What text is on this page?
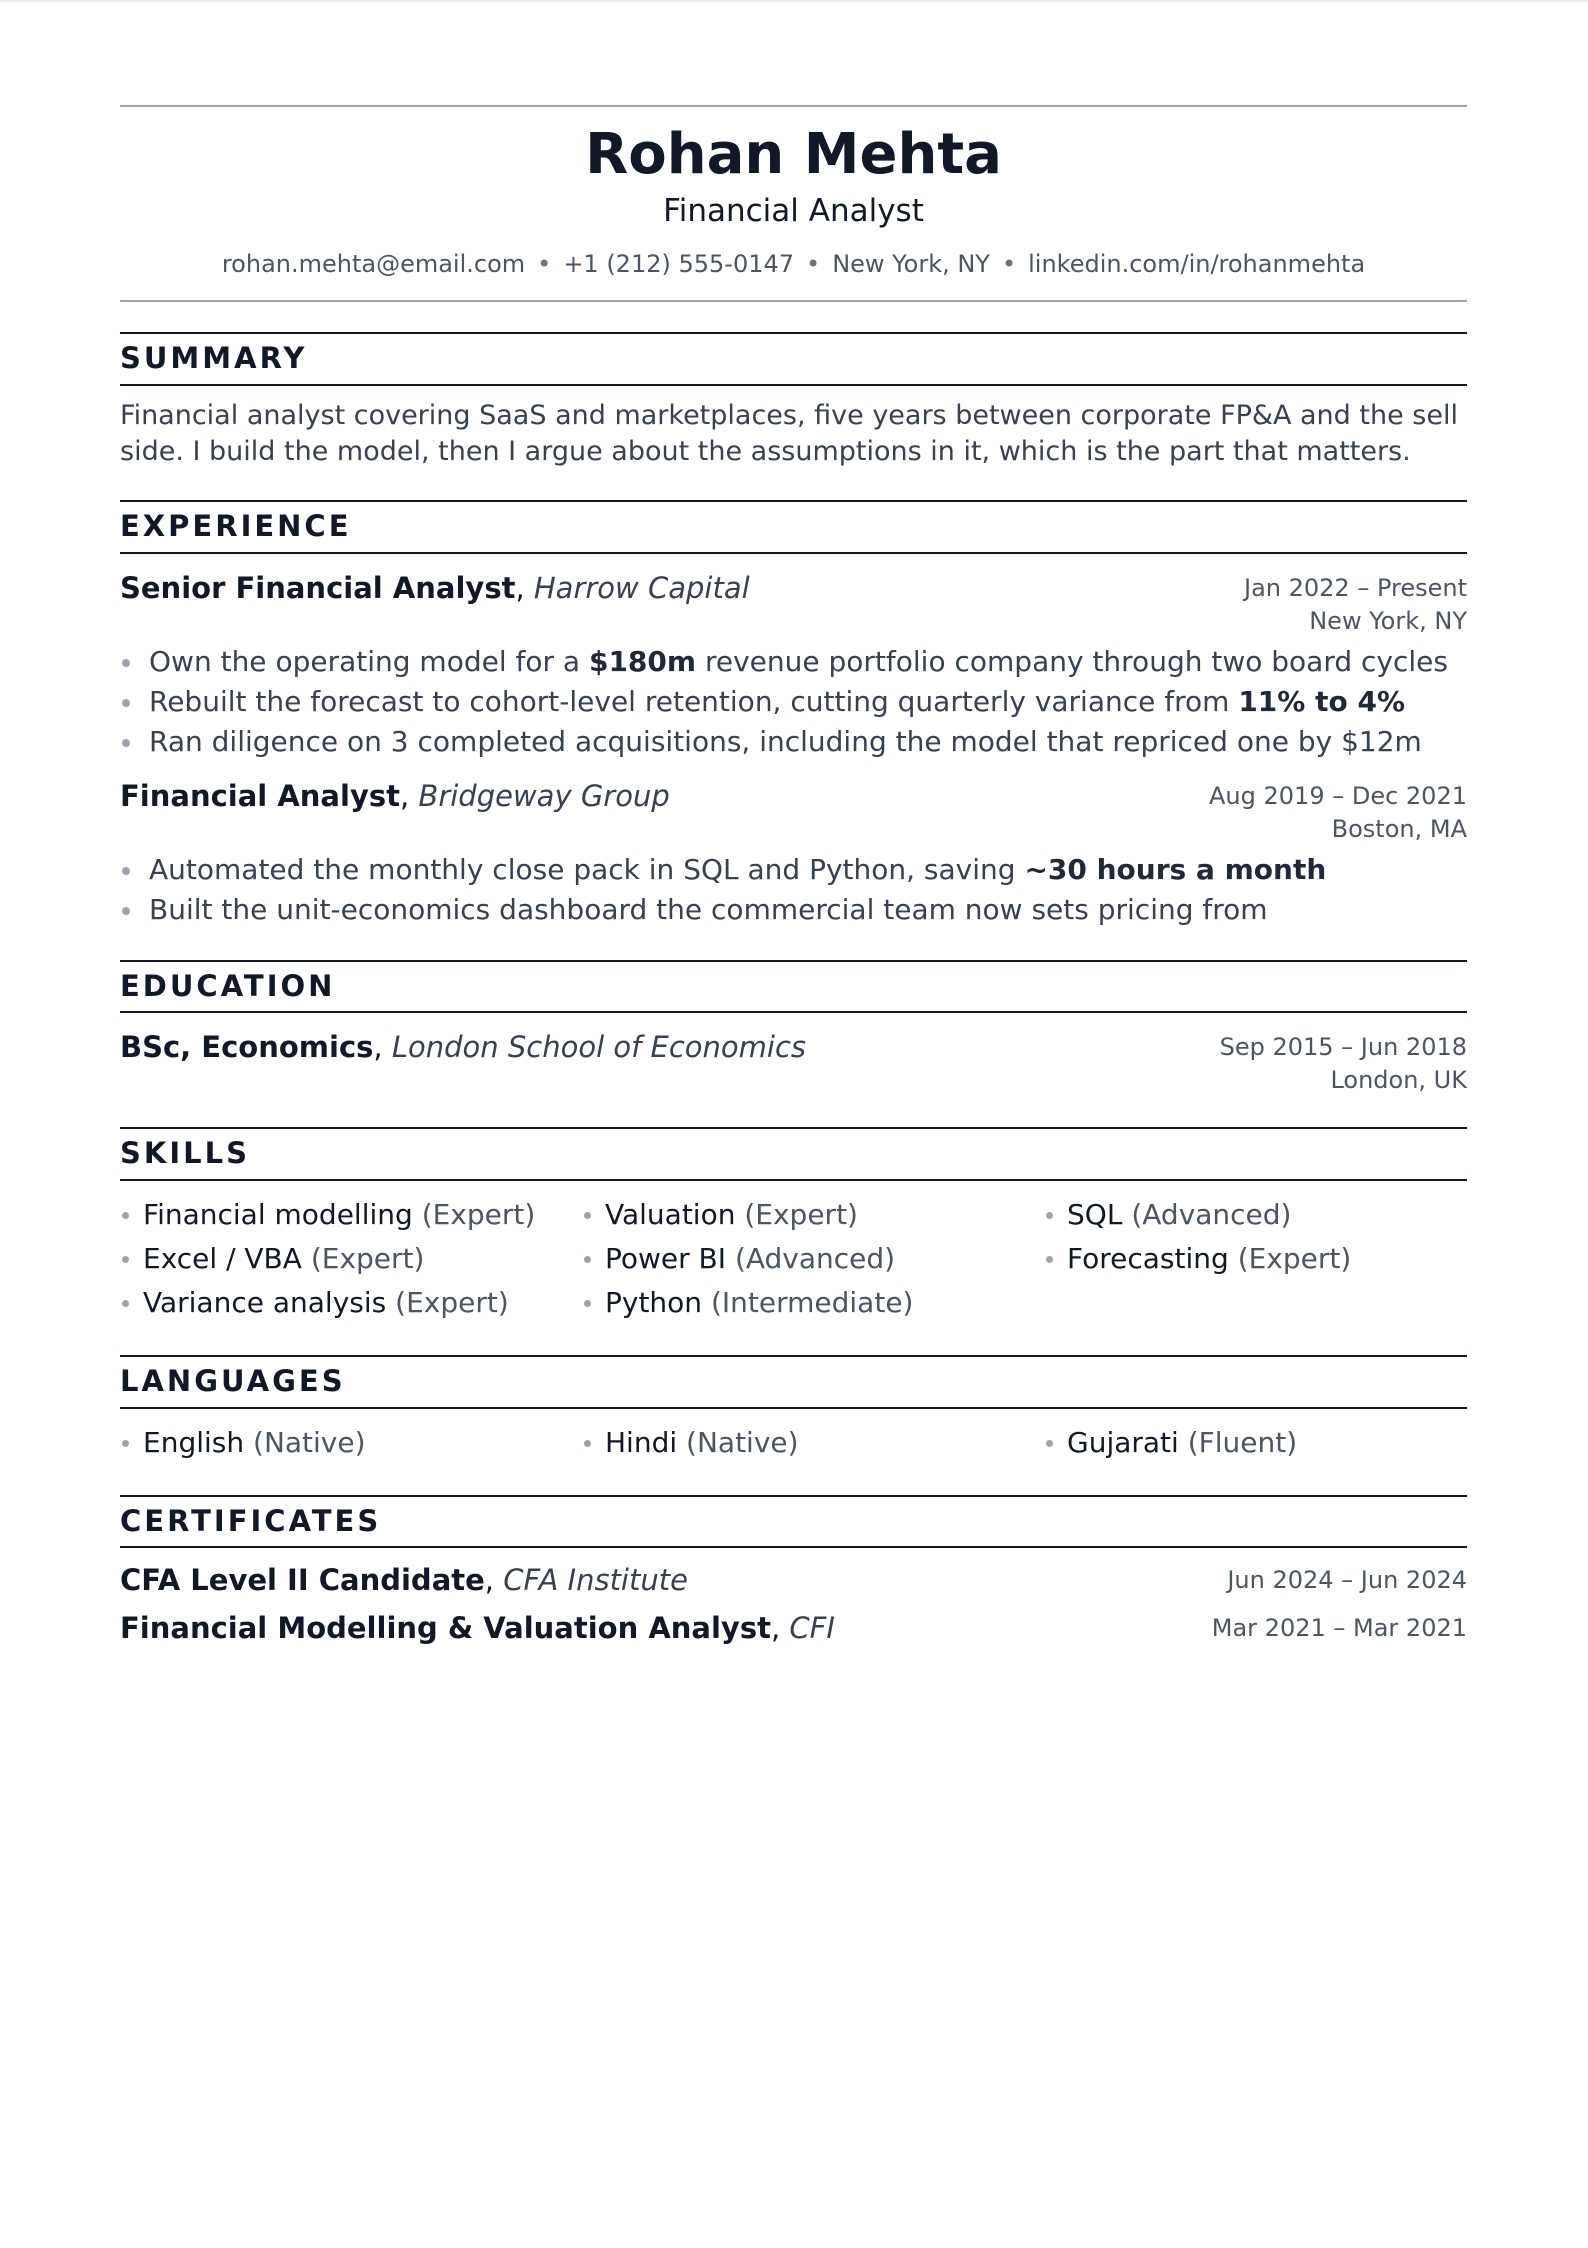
Rohan Mehta
Financial Analyst
rohan.mehta@email.com • +1 (212) 555-0147 • New York, NY • linkedin.com/in/rohanmehta
SUMMARY
Financial analyst covering SaaS and marketplaces, five years between corporate FP&A and the sell side. I build the model, then I argue about the assumptions in it, which is the part that matters.
EXPERIENCE
Senior Financial Analyst, Harrow Capital	Jan 2022 – Present
New York, NY
Own the operating model for a $180m revenue portfolio company through two board cycles
Rebuilt the forecast to cohort-level retention, cutting quarterly variance from 11% to 4%
Ran diligence on 3 completed acquisitions, including the model that repriced one by $12m
Financial Analyst, Bridgeway Group	Aug 2019 – Dec 2021
Boston, MA
Automated the monthly close pack in SQL and Python, saving ~30 hours a month
Built the unit-economics dashboard the commercial team now sets pricing from
EDUCATION
BSc, Economics, London School of Economics	Sep 2015 – Jun 2018
London, UK
SKILLS
Financial modelling (Expert)	Valuation (Expert)	SQL (Advanced)
Excel / VBA (Expert)	Power BI (Advanced)	Forecasting (Expert)
Variance analysis (Expert)	Python (Intermediate)
LANGUAGES
English (Native)	Hindi (Native)	Gujarati (Fluent)
CERTIFICATES
CFA Level II Candidate, CFA Institute	Jun 2024 – Jun 2024
Financial Modelling & Valuation Analyst, CFI	Mar 2021 – Mar 2021
